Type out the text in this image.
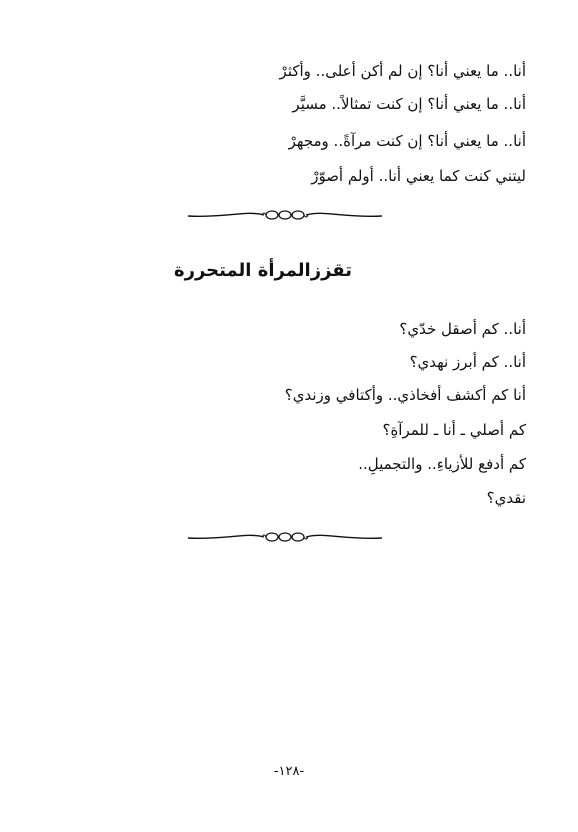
أنا.. ما يعني أنا؟ إن لم أكن أعلى.. وأكثرْ
أنا.. ما يعني أنا؟ إن كنت تمثالاً.. مسيَّر
أنا.. ما يعني أنا؟ إن كنت مرآةً.. ومجهرْ
ليتني كنت كما يعني أنا.. أولم أصوّرْ
تقززالمرأة المتحررة
أنا.. كم أصقل خدّي؟
أنا.. كم أبرز نهدي؟
أنا كم أكشف أفخاذي.. وأكتافي وزندي؟
كم أصلي ـ أنا ـ للمرآةِ؟
كم أدفع للأزياءِ.. والتجميلِ..
نقدي؟
-١٢٨-
